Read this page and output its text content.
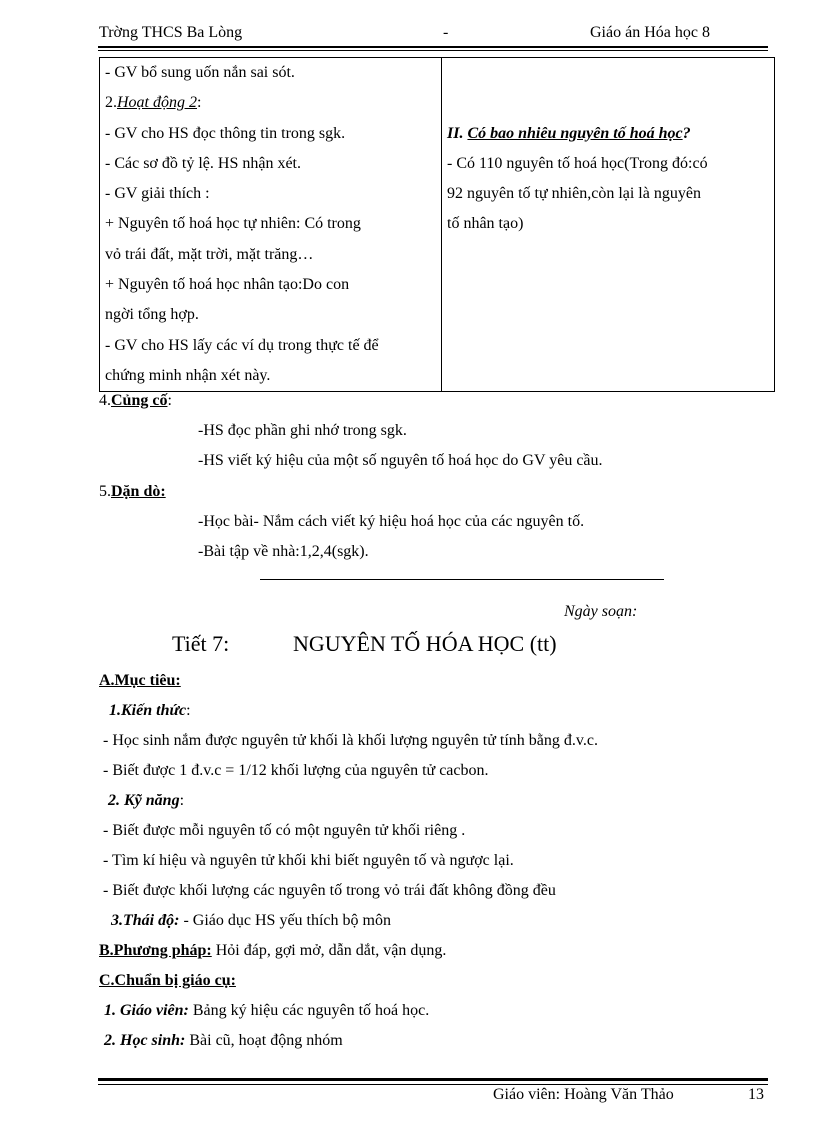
Trờng THCS Ba Lòng	-	Giáo án Hóa học 8
- GV bổ sung uốn nắn sai sót.
2.Hoạt động 2:
- GV cho HS đọc thông tin trong sgk.
- Các sơ đồ tỷ lệ. HS nhận xét.
- GV giải thích :
+ Nguyên tố hoá học tự nhiên: Có trong
vỏ trái đất, mặt trời, mặt trăng…
+ Nguyên tố hoá học nhân tạo:Do con
ngời tổng hợp.
- GV cho HS lấy các ví dụ trong thực tế để
chứng minh nhận xét này.

II. Có bao nhiêu nguyên tố hoá học?
- Có 110 nguyên tố hoá học(Trong đó:có
92 nguyên tố tự nhiên,còn lại là nguyên
tố nhân tạo)
4.Củng cố:
-HS đọc phần ghi nhớ trong sgk.
-HS viết ký hiệu của một số nguyên tố hoá học do GV yêu cầu.
5.Dặn dò:
-Học bài- Nắm cách viết ký hiệu hoá học của các nguyên tố.
-Bài tập về nhà:1,2,4(sgk).
Ngày soạn:
Tiết 7:	NGUYÊN TỐ HÓA HỌC (tt)
A.Mục tiêu:
1.Kiến thức:
- Học sinh nắm được nguyên tử khối là khối lượng nguyên tử tính bằng đ.v.c.
- Biết được 1 đ.v.c = 1/12 khối lượng của nguyên tử cacbon.
2. Kỹ năng:
- Biết được mỗi nguyên tố có một nguyên tử khối riêng .
- Tìm kí hiệu và nguyên tử khối khi biết nguyên tố và ngược lại.
- Biết được khối lượng các nguyên tố trong vỏ trái đất không đồng đều
3.Thái độ: - Giáo dục HS yếu thích bộ môn
B.Phương pháp: Hỏi đáp, gợi mở, dẫn dắt, vận dụng.
C.Chuẩn bị giáo cụ:
1. Giáo viên: Bảng ký hiệu các nguyên tố hoá học.
2. Học sinh: Bài cũ, hoạt động nhóm
Giáo viên: Hoàng Văn Thảo	13
